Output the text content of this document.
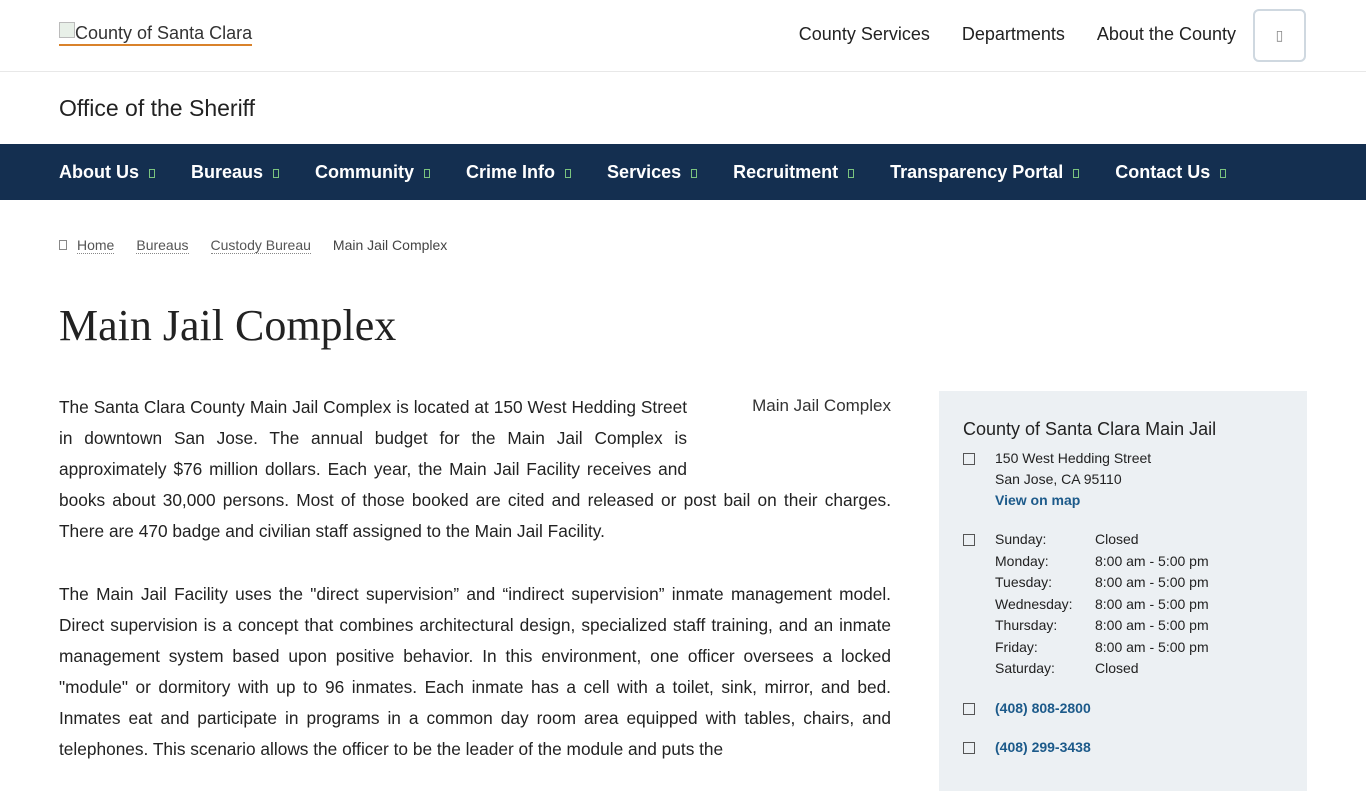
County of Santa Clara	County Services Departments About the County	▯
Office of the Sheriff
About Us	Bureaus	Community	Crime Info	Services	Recruitment	Transparency Portal	Contact Us
Home Bureaus Custody Bureau Main Jail Complex
Main Jail Complex
Main Jail Complex

The Santa Clara County Main Jail Complex is located at 150 West Hedding Street in downtown San Jose. The annual budget for the Main Jail Complex is approximately $76 million dollars. Each year, the Main Jail Facility receives and books about 30,000 persons. Most of those booked are cited and released or post bail on their charges. There are 470 badge and civilian staff assigned to the Main Jail Facility.

The Main Jail Facility uses the "direct supervision” and “indirect supervision” inmate management model. Direct supervision is a concept that combines architectural design, specialized staff training, and an inmate management system based upon positive behavior. In this environment, one officer oversees a locked "module" or dormitory with up to 96 inmates. Each inmate has a cell with a toilet, sink, mirror, and bed. Inmates eat and participate in programs in a common day room area equipped with tables, chairs, and telephones. This scenario allows the officer to be the leader of the module and puts the

County of Santa Clara Main Jail
150 West Hedding Street
San Jose, CA 95110
View on map
Sunday:	Closed
Monday:	8:00 am - 5:00 pm
Tuesday:	8:00 am - 5:00 pm
Wednesday:	8:00 am - 5:00 pm
Thursday:	8:00 am - 5:00 pm
Friday:	8:00 am - 5:00 pm
Saturday:	Closed
(408) 808-2800
(408) 299-3438
